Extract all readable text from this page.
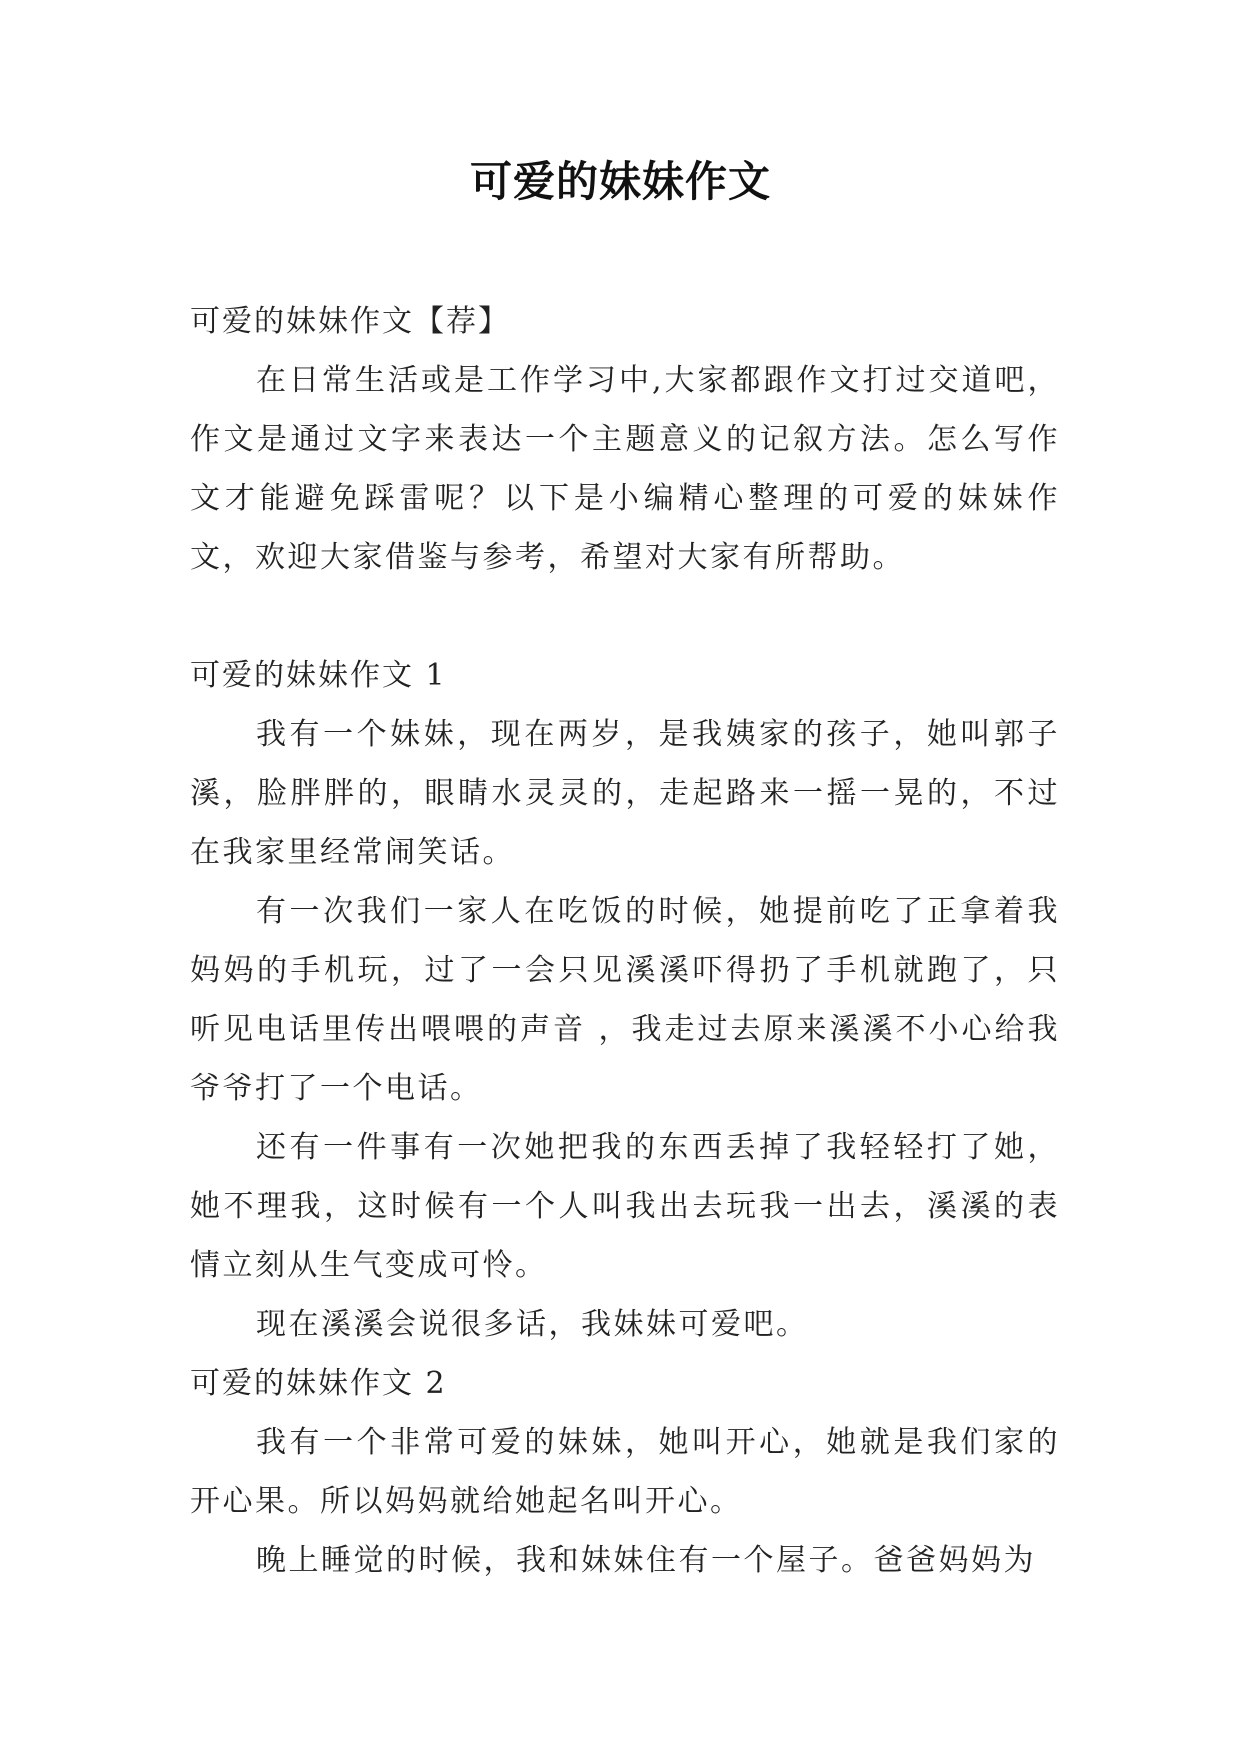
可爱的妹妹作文

可爱的妹妹作文【荐】

在日常生活或是工作学习中,大家都跟作文打过交道吧，作文是通过文字来表达一个主题意义的记叙方法。怎么写作文才能避免踩雷呢？以下是小编精心整理的可爱的妹妹作文，欢迎大家借鉴与参考，希望对大家有所帮助。

可爱的妹妹作文 1

我有一个妹妹，现在两岁，是我姨家的孩子，她叫郭子溪，脸胖胖的，眼睛水灵灵的，走起路来一摇一晃的，不过在我家里经常闹笑话。

有一次我们一家人在吃饭的时候，她提前吃了正拿着我妈妈的手机玩，过了一会只见溪溪吓得扔了手机就跑了，只听见电话里传出喂喂的声音 ，我走过去原来溪溪不小心给我爷爷打了一个电话。

还有一件事有一次她把我的东西丢掉了我轻轻打了她，她不理我，这时候有一个人叫我出去玩我一出去，溪溪的表情立刻从生气变成可怜。

现在溪溪会说很多话，我妹妹可爱吧。

可爱的妹妹作文 2

我有一个非常可爱的妹妹，她叫开心，她就是我们家的开心果。所以妈妈就给她起名叫开心。

晚上睡觉的时候，我和妹妹住有一个屋子。爸爸妈妈为
